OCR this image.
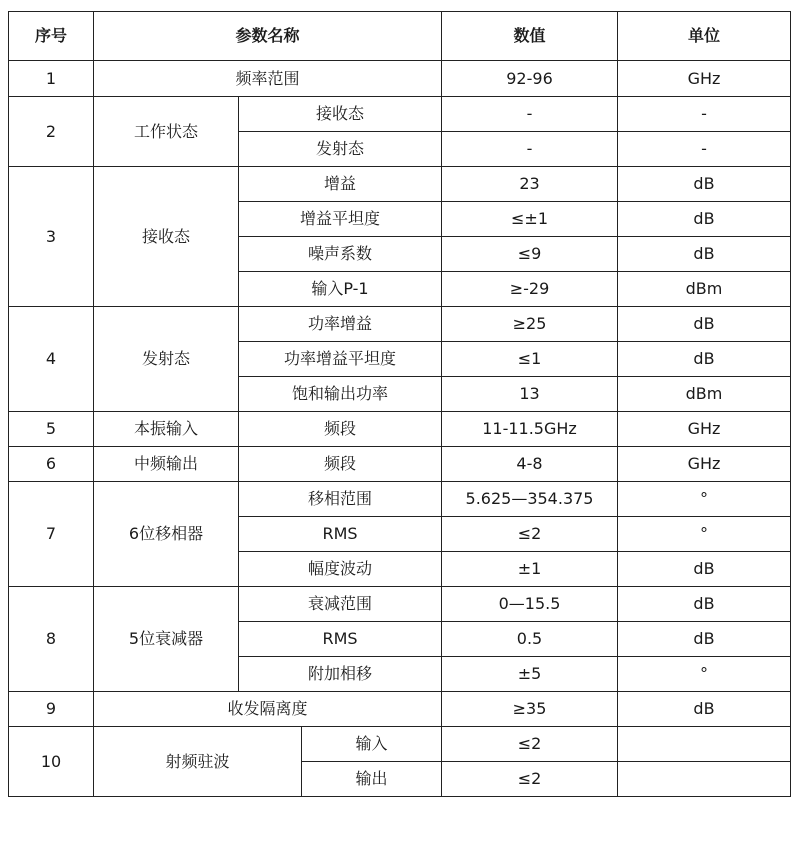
序号	参数名称			数值	单位
1	频率范围			92-96	GHz
2	工作状态	接收态		-	-
		发射态		-	-
3	接收态	增益		23	dB
		增益平坦度		≤±1	dB
		噪声系数		≤9	dB
		输入P-1		≥-29	dBm
4	发射态	功率增益		≥25	dB
		功率增益平坦度		≤1	dB
		饱和输出功率		13	dBm
5	本振输入	频段		11-11.5GHz	GHz
6	中频输出	频段		4-8	GHz
7	6位移相器	移相范围		5.625—354.375	°
		RMS		≤2	°
		幅度波动		±1	dB
8	5位衰减器	衰减范围		0—15.5	dB
		RMS		0.5	dB
		附加相移		±5	°
9	收发隔离度			≥35	dB
10	射频驻波		输入	≤2	
			输出	≤2	
